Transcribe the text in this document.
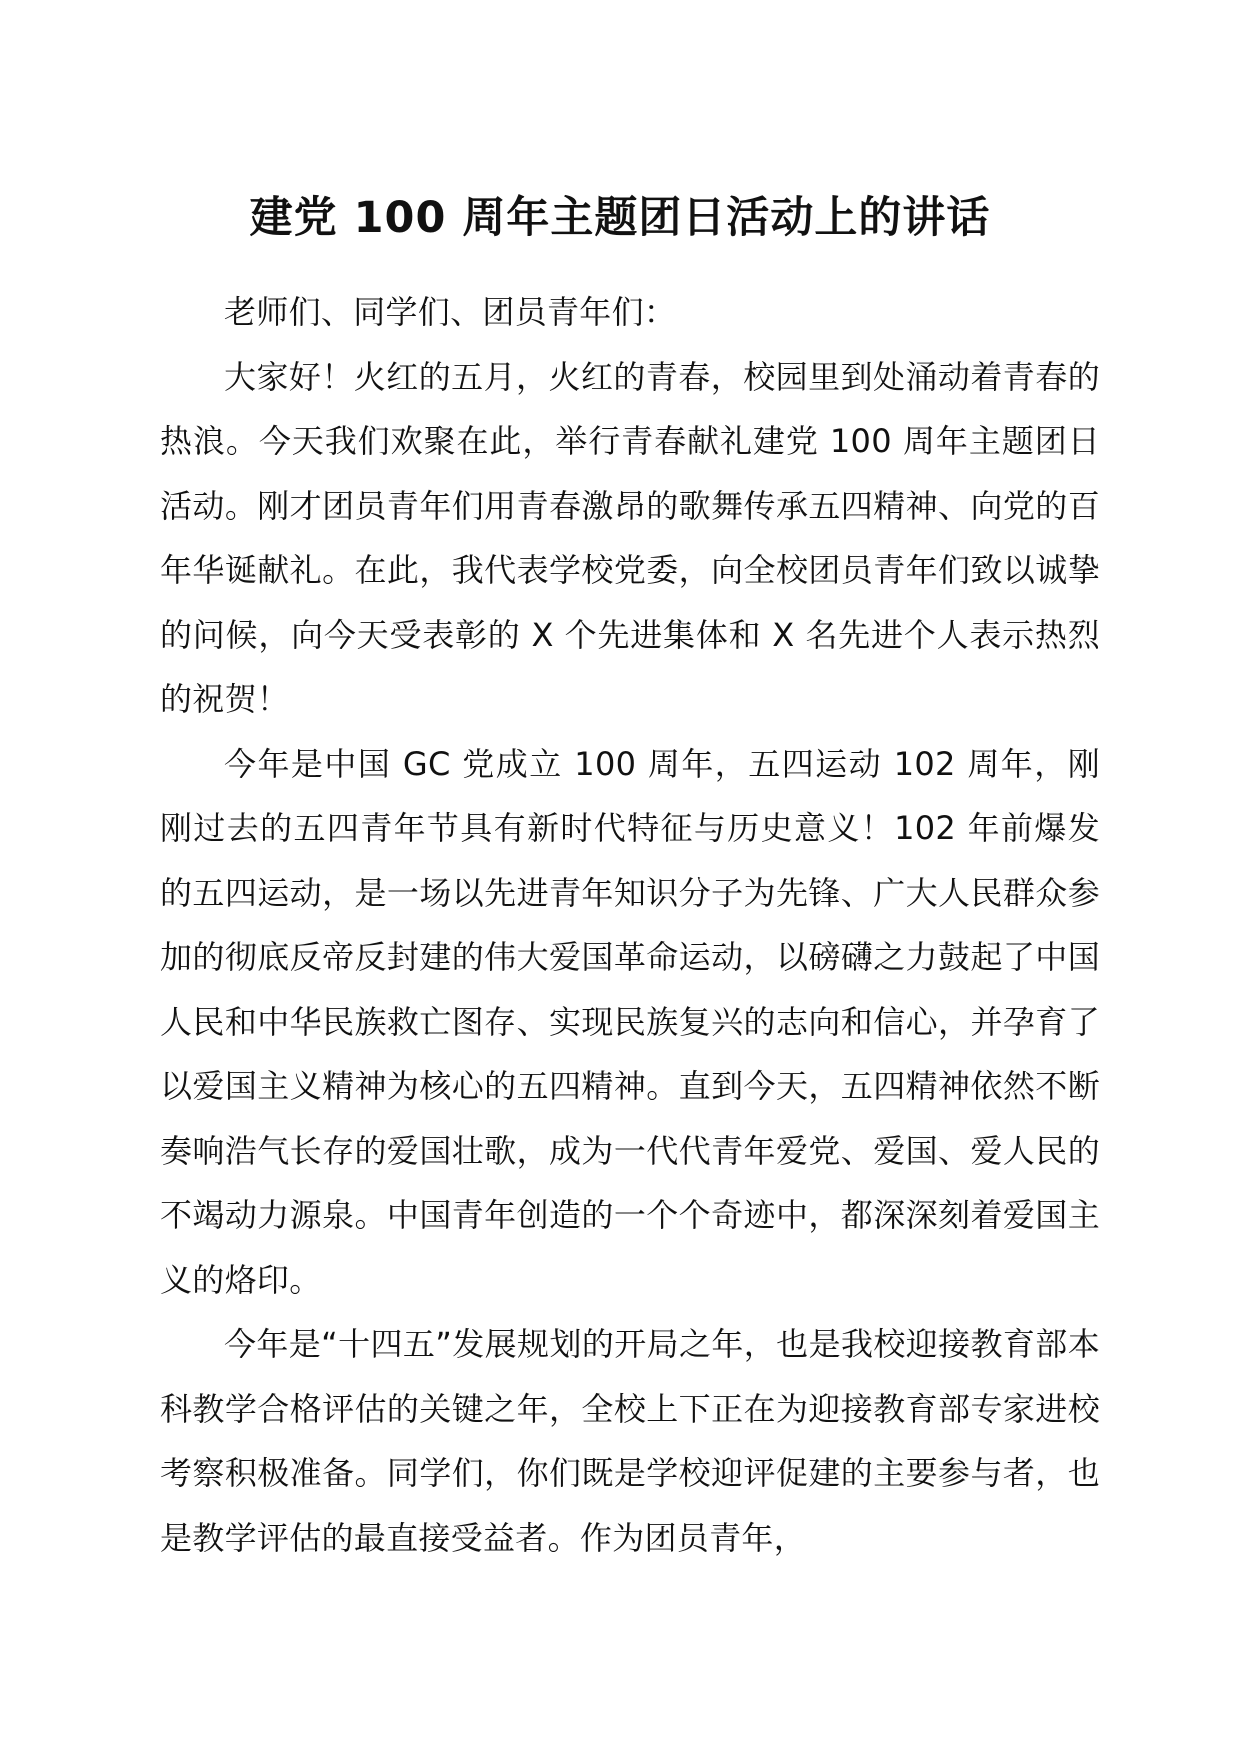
建党 100 周年主题团日活动上的讲话

老师们、同学们、团员青年们：

大家好！火红的五月，火红的青春，校园里到处涌动着青春的热浪。今天我们欢聚在此，举行青春献礼建党 100 周年主题团日活动。刚才团员青年们用青春激昂的歌舞传承五四精神、向党的百年华诞献礼。在此，我代表学校党委，向全校团员青年们致以诚挚的问候，向今天受表彰的 X 个先进集体和 X 名先进个人表示热烈的祝贺！

今年是中国 GC 党成立 100 周年，五四运动 102 周年，刚刚过去的五四青年节具有新时代特征与历史意义！102 年前爆发的五四运动，是一场以先进青年知识分子为先锋、广大人民群众参加的彻底反帝反封建的伟大爱国革命运动，以磅礴之力鼓起了中国人民和中华民族救亡图存、实现民族复兴的志向和信心，并孕育了以爱国主义精神为核心的五四精神。直到今天，五四精神依然不断奏响浩气长存的爱国壮歌，成为一代代青年爱党、爱国、爱人民的不竭动力源泉。中国青年创造的一个个奇迹中，都深深刻着爱国主义的烙印。

今年是“十四五”发展规划的开局之年，也是我校迎接教育部本科教学合格评估的关键之年，全校上下正在为迎接教育部专家进校考察积极准备。同学们，你们既是学校迎评促建的主要参与者，也是教学评估的最直接受益者。作为团员青年，
